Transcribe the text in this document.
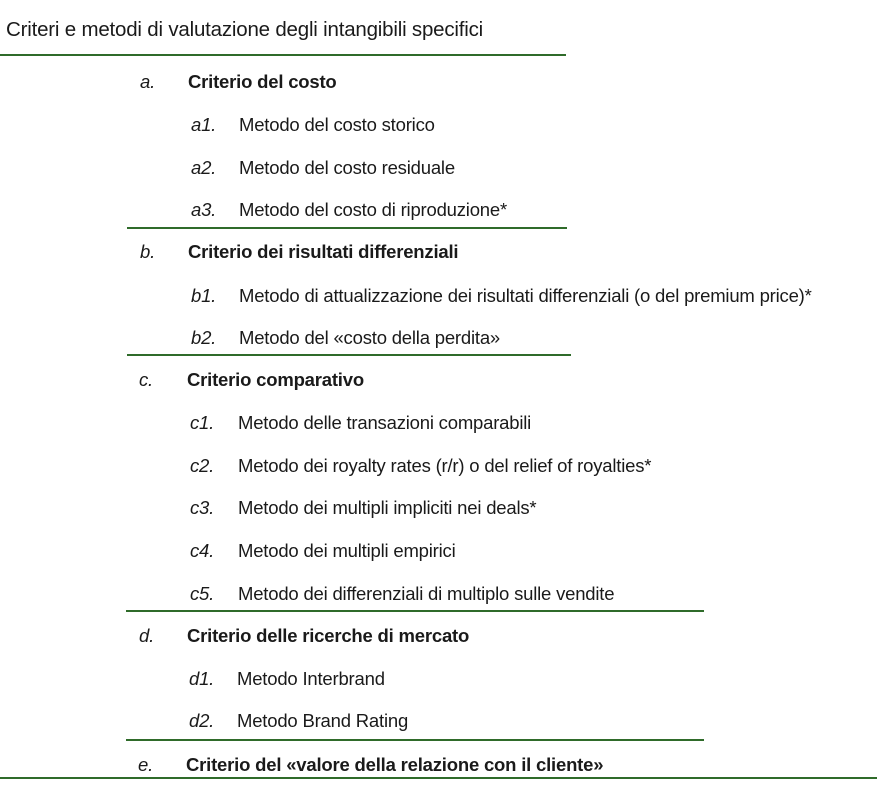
Criteri e metodi di valutazione degli intangibili specifici
a. Criterio del costo
a1. Metodo del costo storico
a2. Metodo del costo residuale
a3. Metodo del costo di riproduzione*
b. Criterio dei risultati differenziali
b1. Metodo di attualizzazione dei risultati differenziali (o del premium price)*
b2. Metodo del «costo della perdita»
c. Criterio comparativo
c1. Metodo delle transazioni comparabili
c2. Metodo dei royalty rates (r/r) o del relief of royalties*
c3. Metodo dei multipli impliciti nei deals*
c4. Metodo dei multipli empirici
c5. Metodo dei differenziali di multiplo sulle vendite
d. Criterio delle ricerche di mercato
d1. Metodo Interbrand
d2. Metodo Brand Rating
e. Criterio del «valore della relazione con il cliente»
